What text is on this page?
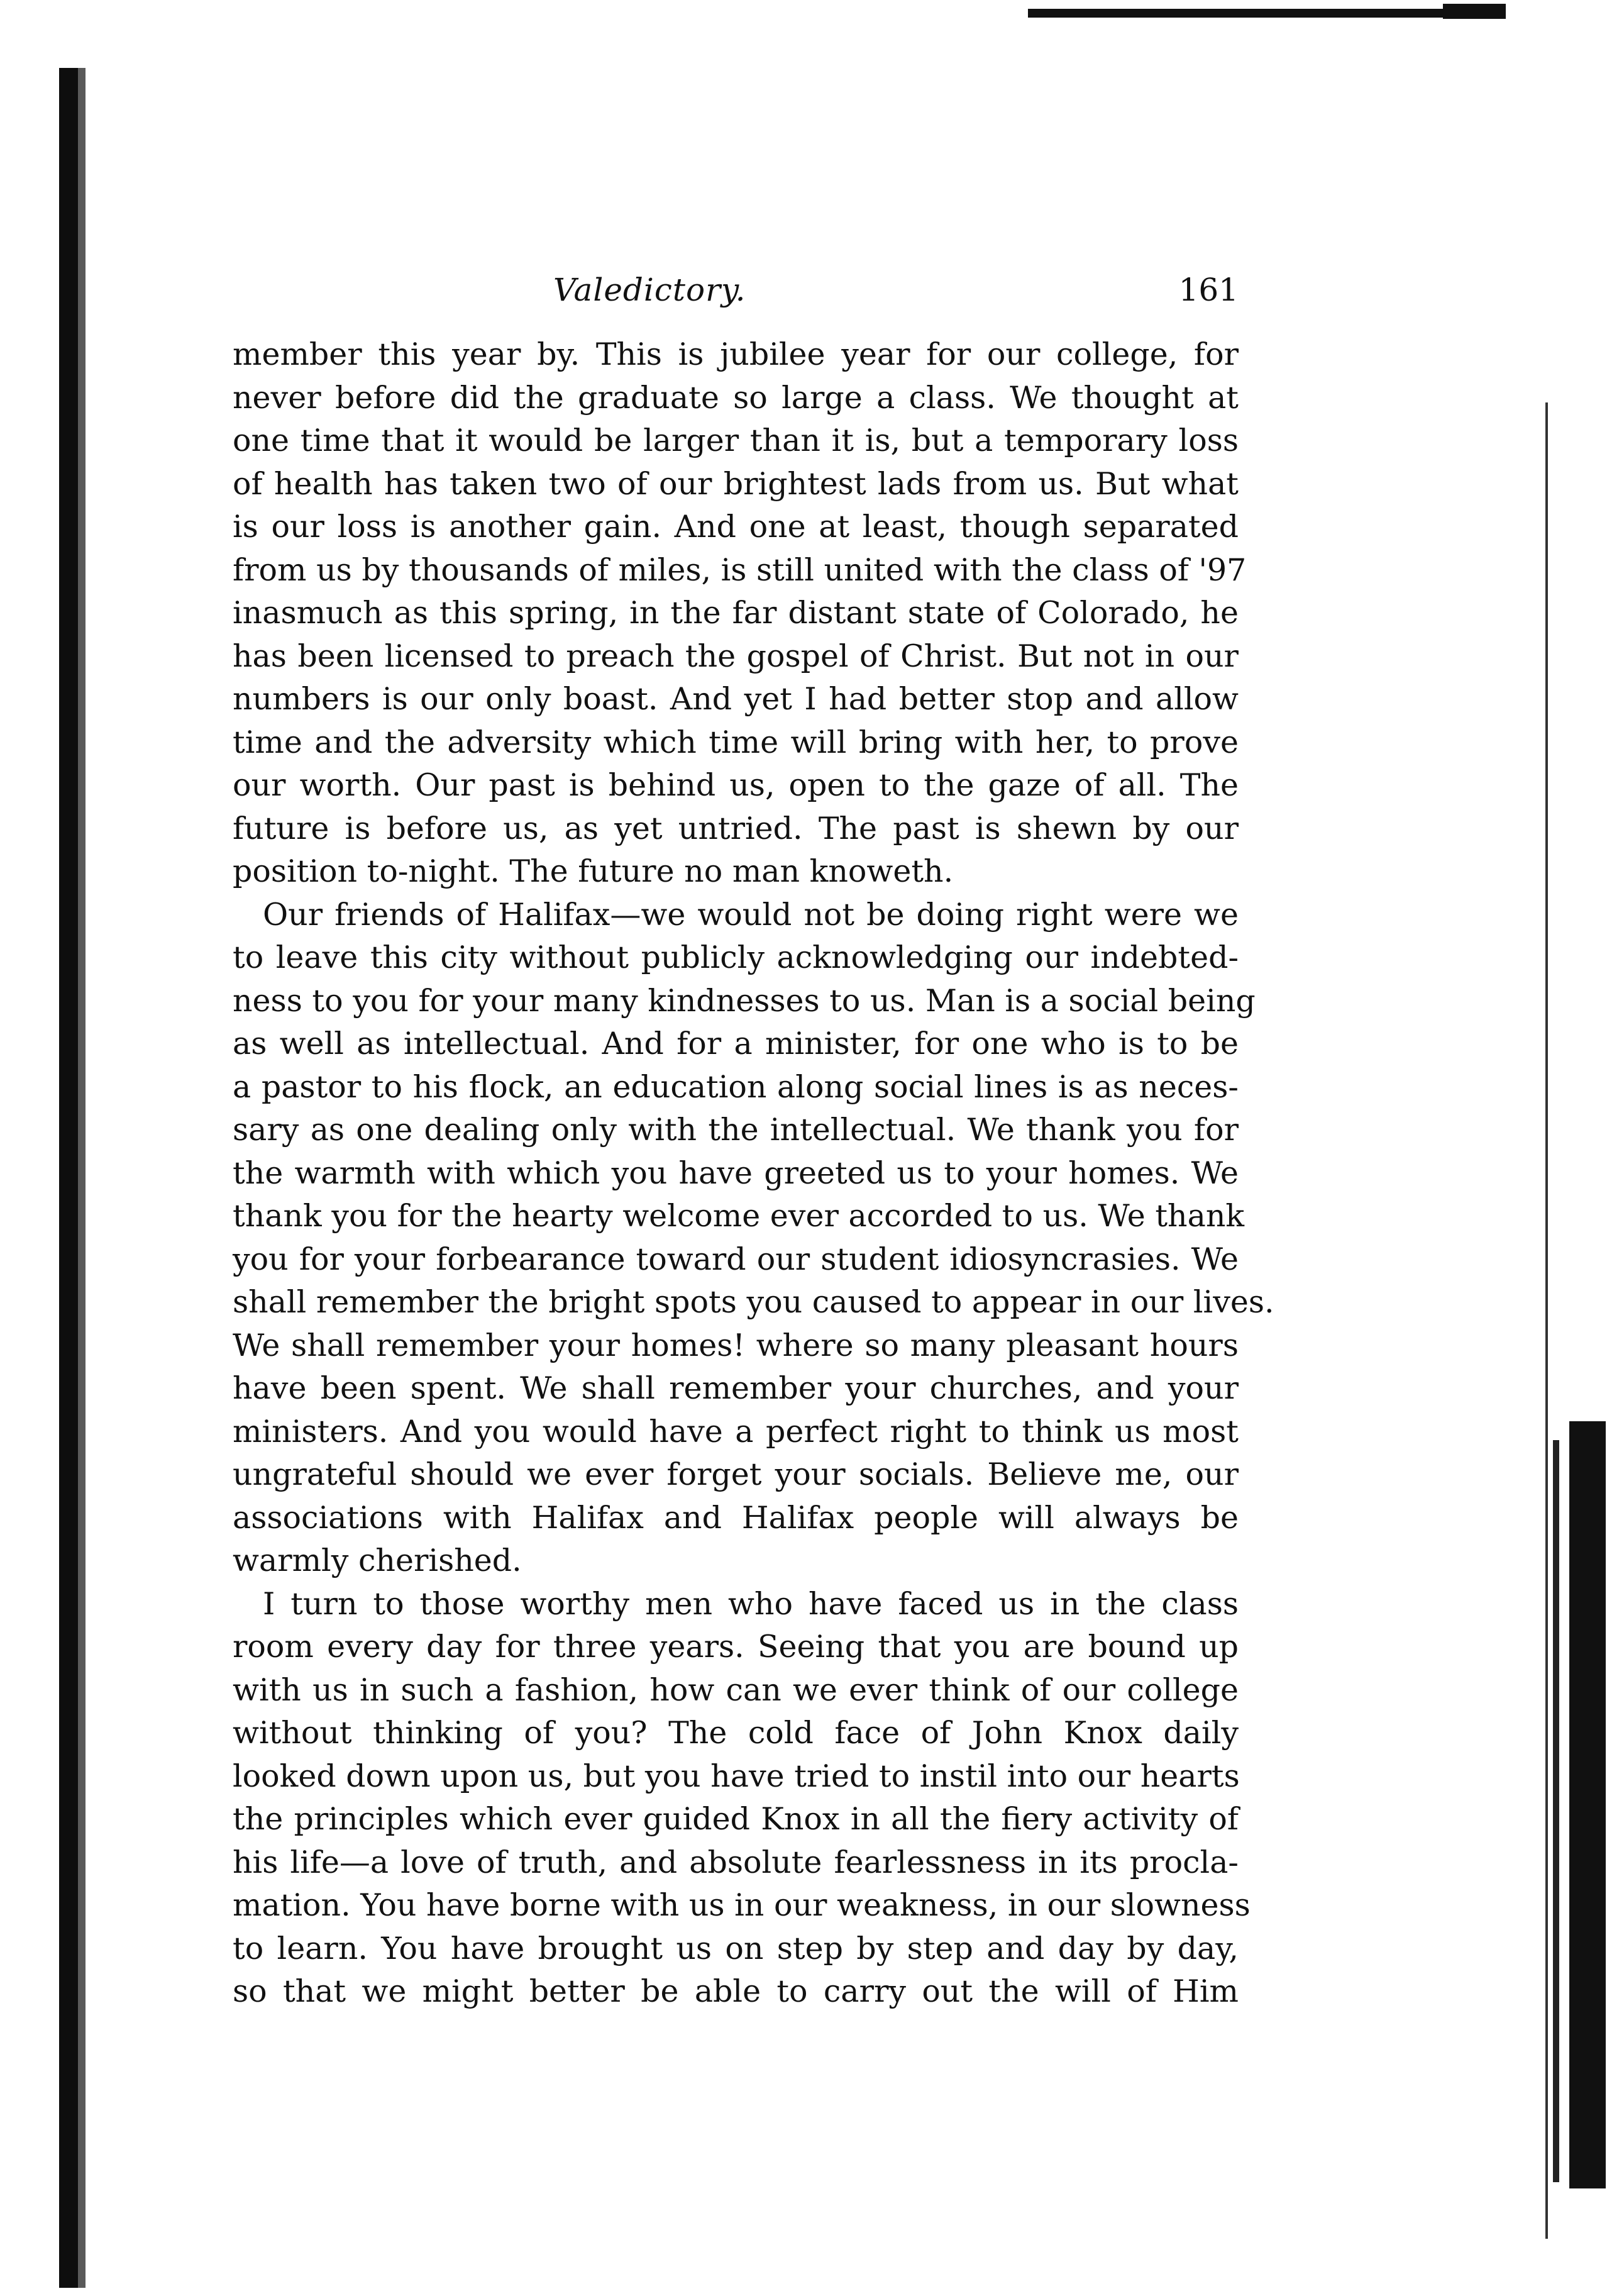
Valedictory.	161
member this year by. This is jubilee year for our college, for
never before did the graduate so large a class. We thought at
one time that it would be larger than it is, but a temporary loss
of health has taken two of our brightest lads from us. But what
is our loss is another gain. And one at least, though separated
from us by thousands of miles, is still united with the class of '97
inasmuch as this spring, in the far distant state of Colorado, he
has been licensed to preach the gospel of Christ. But not in our
numbers is our only boast. And yet I had better stop and allow
time and the adversity which time will bring with her, to prove
our worth. Our past is behind us, open to the gaze of all. The
future is before us, as yet untried. The past is shewn by our
position to-night. The future no man knoweth.
Our friends of Halifax—we would not be doing right were we
to leave this city without publicly acknowledging our indebted-
ness to you for your many kindnesses to us. Man is a social being
as well as intellectual. And for a minister, for one who is to be
a pastor to his flock, an education along social lines is as neces-
sary as one dealing only with the intellectual. We thank you for
the warmth with which you have greeted us to your homes. We
thank you for the hearty welcome ever accorded to us. We thank
you for your forbearance toward our student idiosyncrasies. We
shall remember the bright spots you caused to appear in our lives.
We shall remember your homes! where so many pleasant hours
have been spent. We shall remember your churches, and your
ministers. And you would have a perfect right to think us most
ungrateful should we ever forget your socials. Believe me, our
associations with Halifax and Halifax people will always be
warmly cherished.
I turn to those worthy men who have faced us in the class
room every day for three years. Seeing that you are bound up
with us in such a fashion, how can we ever think of our college
without thinking of you? The cold face of John Knox daily
looked down upon us, but you have tried to instil into our hearts
the principles which ever guided Knox in all the fiery activity of
his life—a love of truth, and absolute fearlessness in its procla-
mation. You have borne with us in our weakness, in our slowness
to learn. You have brought us on step by step and day by day,
so that we might better be able to carry out the will of Him
